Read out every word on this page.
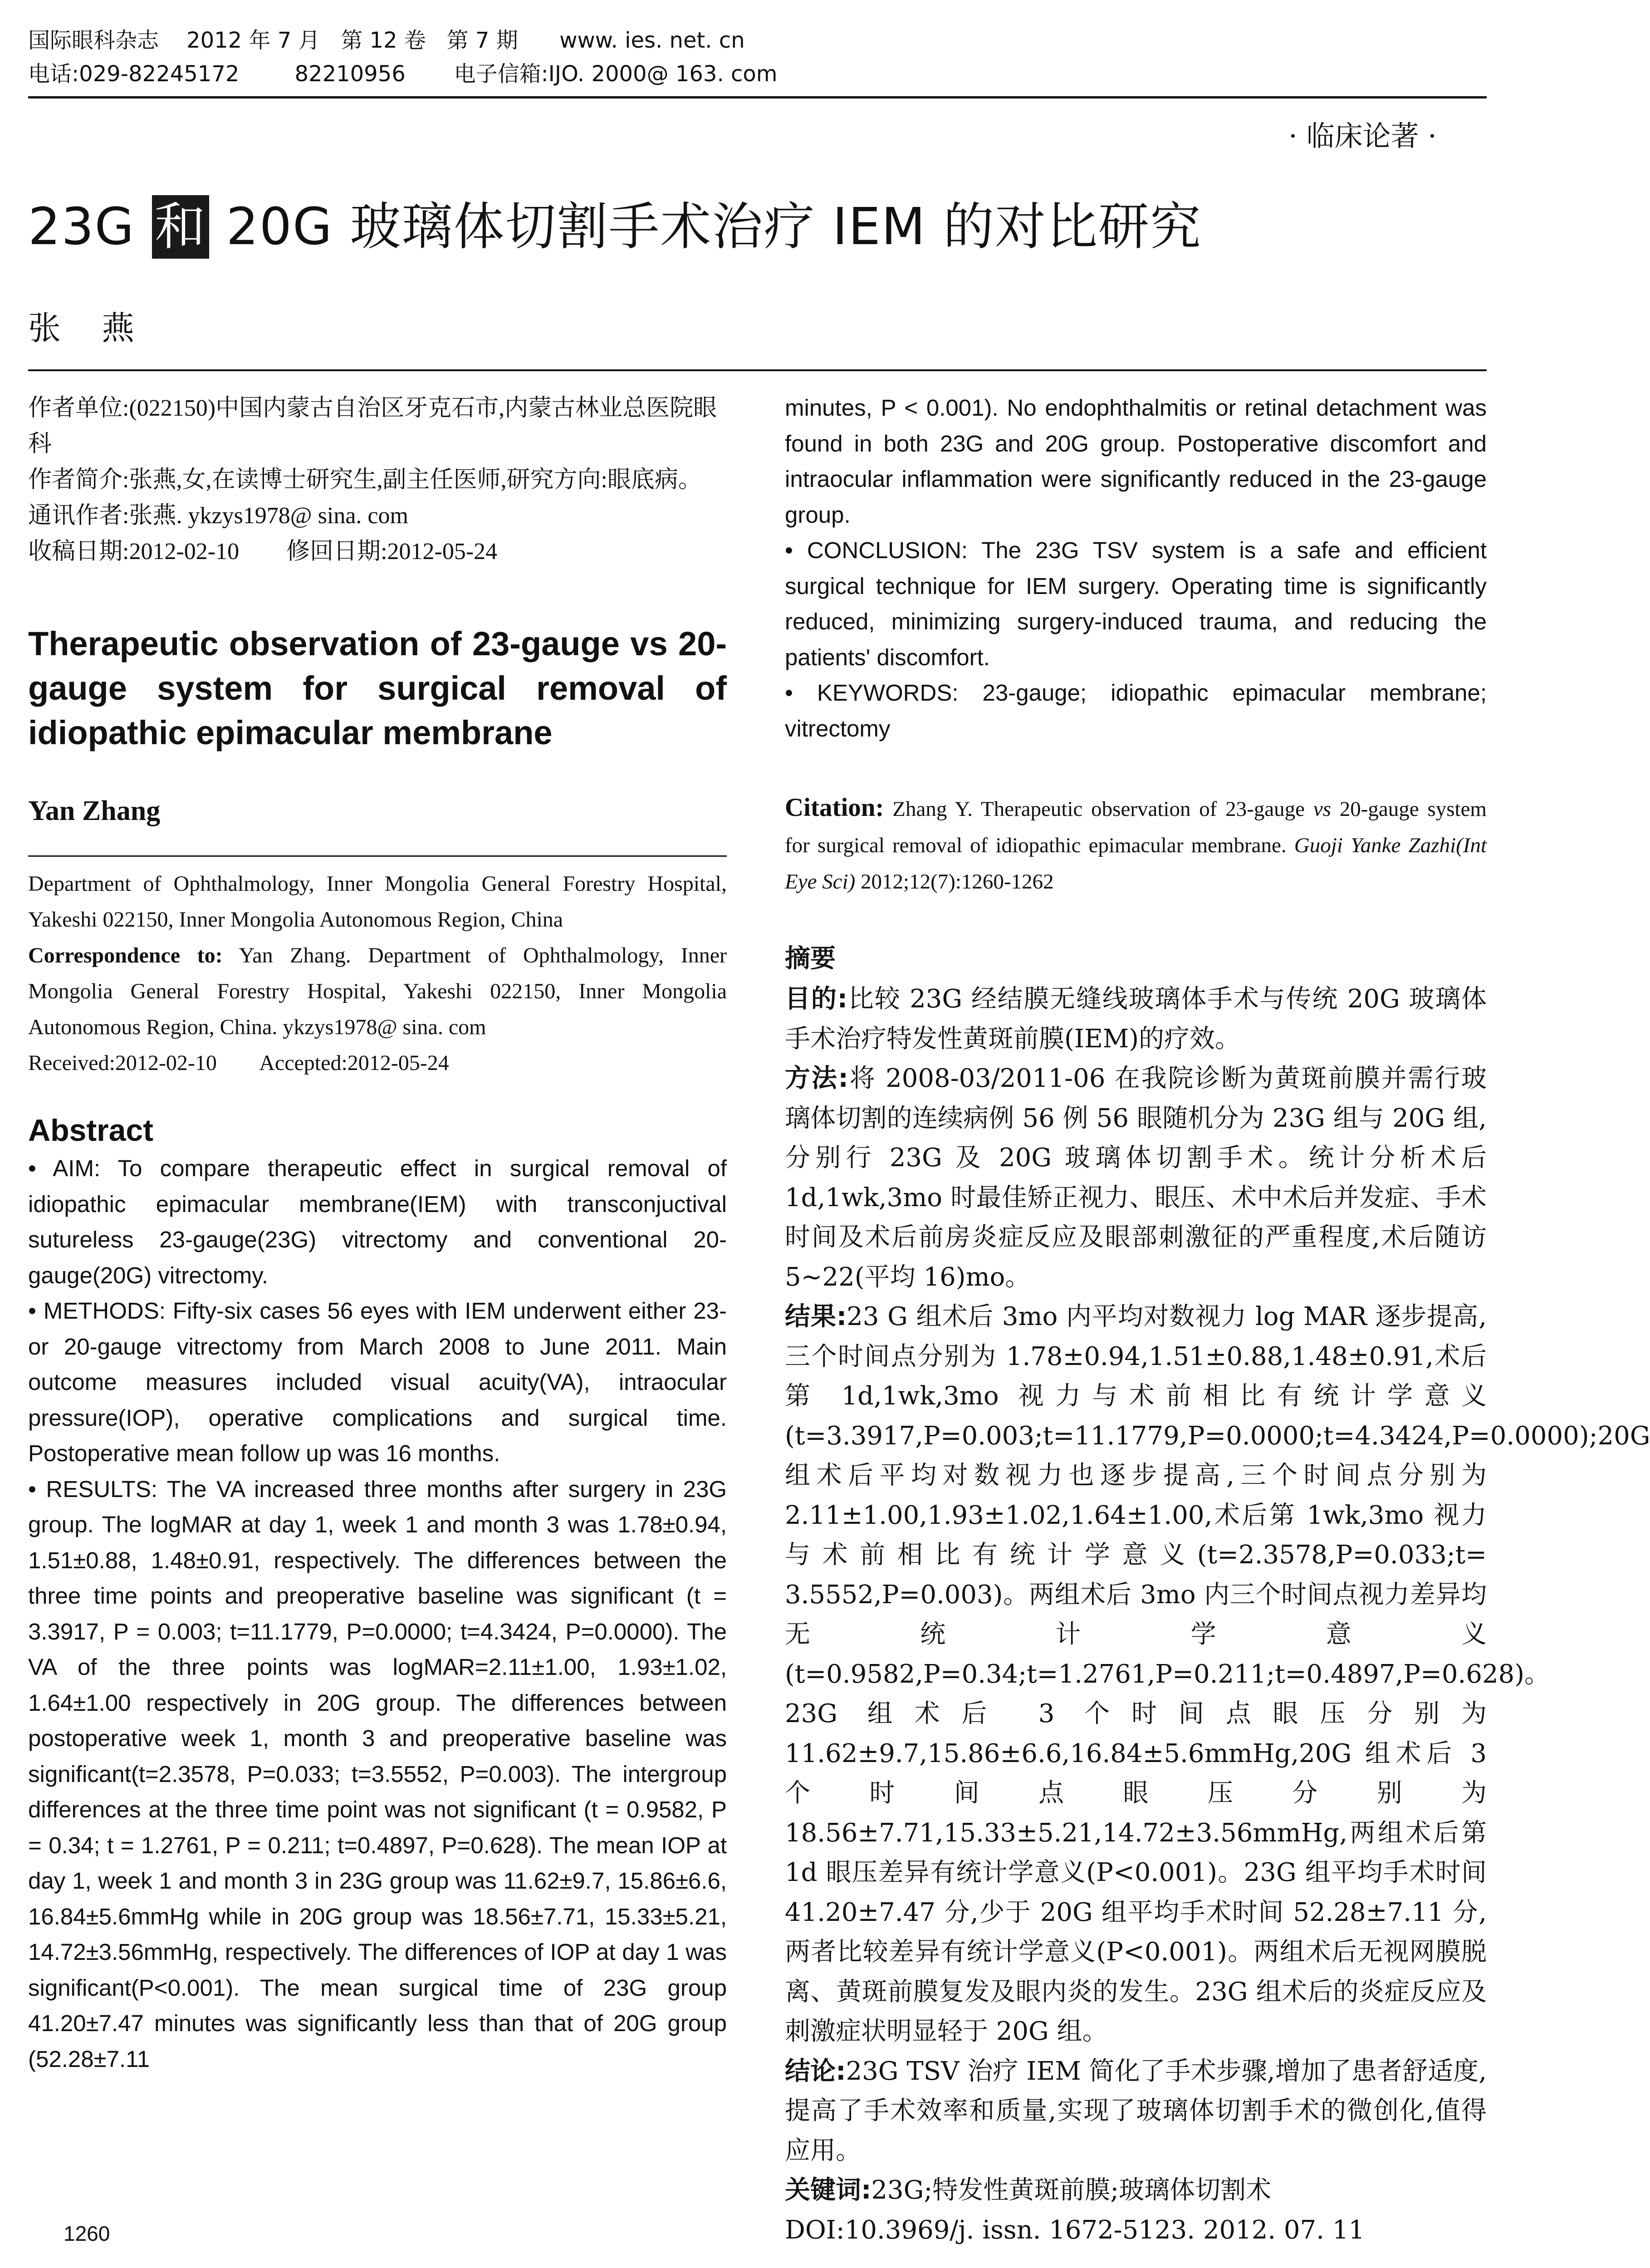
国际眼科杂志    2012 年 7 月   第 12 卷   第 7 期      www. ies. net. cn
电话:029-82245172        82210956       电子信箱:IJO. 2000@ 163. com
· 临床论著 ·
23G 和 20G 玻璃体切割手术治疗 IEM 的对比研究
张燕

作者单位:(022150)中国内蒙古自治区牙克石市,内蒙古林业总医院眼科

作者简介:张燕,女,在读博士研究生,副主任医师,研究方向:眼底病。

通讯作者:张燕. ykzys1978@ sina. com

收稿日期:2012-02-10        修回日期:2012-05-24

Therapeutic observation of 23-gauge vs 20-gauge system for surgical removal of idiopathic epimacular membrane
Yan Zhang
Department of Ophthalmology, Inner Mongolia General Forestry Hospital, Yakeshi 022150, Inner Mongolia Autonomous Region, China
Correspondence to: Yan Zhang. Department of Ophthalmology, Inner Mongolia General Forestry Hospital, Yakeshi 022150, Inner Mongolia Autonomous Region, China. ykzys1978@ sina. com
Received:2012-02-10        Accepted:2012-05-24
Abstract

• AIM: To compare therapeutic effect in surgical removal of idiopathic epimacular membrane(IEM) with transconjuctival sutureless 23-gauge(23G) vitrectomy and conventional 20-gauge(20G) vitrectomy.

• METHODS: Fifty-six cases 56 eyes with IEM underwent either 23- or 20-gauge vitrectomy from March 2008 to June 2011. Main outcome measures included visual acuity(VA), intraocular pressure(IOP), operative complications and surgical time. Postoperative mean follow up was 16 months.

• RESULTS: The VA increased three months after surgery in 23G group. The logMAR at day 1, week 1 and month 3 was 1.78±0.94, 1.51±0.88, 1.48±0.91, respectively. The differences between the three time points and preoperative baseline was significant (t = 3.3917, P = 0.003; t=11.1779, P=0.0000; t=4.3424, P=0.0000). The VA of the three points was logMAR=2.11±1.00, 1.93±1.02, 1.64±1.00 respectively in 20G group. The differences between postoperative week 1, month 3 and preoperative baseline was significant(t=2.3578, P=0.033; t=3.5552, P=0.003). The intergroup differences at the three time point was not significant (t = 0.9582, P = 0.34; t = 1.2761, P = 0.211; t=0.4897, P=0.628). The mean IOP at day 1, week 1 and month 3 in 23G group was 11.62±9.7, 15.86±6.6, 16.84±5.6mmHg while in 20G group was 18.56±7.71, 15.33±5.21, 14.72±3.56mmHg, respectively. The differences of IOP at day 1 was significant(P<0.001). The mean surgical time of 23G group 41.20±7.47 minutes was significantly less than that of 20G group (52.28±7.11

minutes, P < 0.001). No endophthalmitis or retinal detachment was found in both 23G and 20G group. Postoperative discomfort and intraocular inflammation were significantly reduced in the 23-gauge group.

• CONCLUSION: The 23G TSV system is a safe and efficient surgical technique for IEM surgery. Operating time is significantly reduced, minimizing surgery-induced trauma, and reducing the patients' discomfort.

• KEYWORDS: 23-gauge; idiopathic epimacular membrane; vitrectomy

Citation: Zhang Y. Therapeutic observation of 23-gauge vs 20-gauge system for surgical removal of idiopathic epimacular membrane. Guoji Yanke Zazhi(Int Eye Sci) 2012;12(7):1260-1262
摘要

目的:比较 23G 经结膜无缝线玻璃体手术与传统 20G 玻璃体手术治疗特发性黄斑前膜(IEM)的疗效。

方法:将 2008-03/2011-06 在我院诊断为黄斑前膜并需行玻璃体切割的连续病例 56 例 56 眼随机分为 23G 组与 20G 组,分别行 23G 及 20G 玻璃体切割手术。统计分析术后 1d,1wk,3mo 时最佳矫正视力、眼压、术中术后并发症、手术时间及术后前房炎症反应及眼部刺激征的严重程度,术后随访 5~22(平均 16)mo。

结果:23 G 组术后 3mo 内平均对数视力 log MAR 逐步提高,三个时间点分别为 1.78±0.94,1.51±0.88,1.48±0.91,术后第 1d,1wk,3mo 视力与术前相比有统计学意义(t=3.3917,P=0.003;t=11.1779,P=0.0000;t=4.3424,P=0.0000);20G 组术后平均对数视力也逐步提高,三个时间点分别为 2.11±1.00,1.93±1.02,1.64±1.00,术后第 1wk,3mo 视力与术前相比有统计学意义(t=2.3578,P=0.033;t= 3.5552,P=0.003)。两组术后 3mo 内三个时间点视力差异均无统计学意义(t=0.9582,P=0.34;t=1.2761,P=0.211;t=0.4897,P=0.628)。23G 组术后 3 个时间点眼压分别为 11.62±9.7,15.86±6.6,16.84±5.6mmHg,20G 组术后 3 个时间点眼压分别为 18.56±7.71,15.33±5.21,14.72±3.56mmHg,两组术后第 1d 眼压差异有统计学意义(P<0.001)。23G 组平均手术时间 41.20±7.47 分,少于 20G 组平均手术时间 52.28±7.11 分,两者比较差异有统计学意义(P<0.001)。两组术后无视网膜脱离、黄斑前膜复发及眼内炎的发生。23G 组术后的炎症反应及刺激症状明显轻于 20G 组。

结论:23G TSV 治疗 IEM 简化了手术步骤,增加了患者舒适度,提高了手术效率和质量,实现了玻璃体切割手术的微创化,值得应用。

关键词:23G;特发性黄斑前膜;玻璃体切割术

DOI:10.3969/j. issn. 1672-5123. 2012. 07. 11

1260
